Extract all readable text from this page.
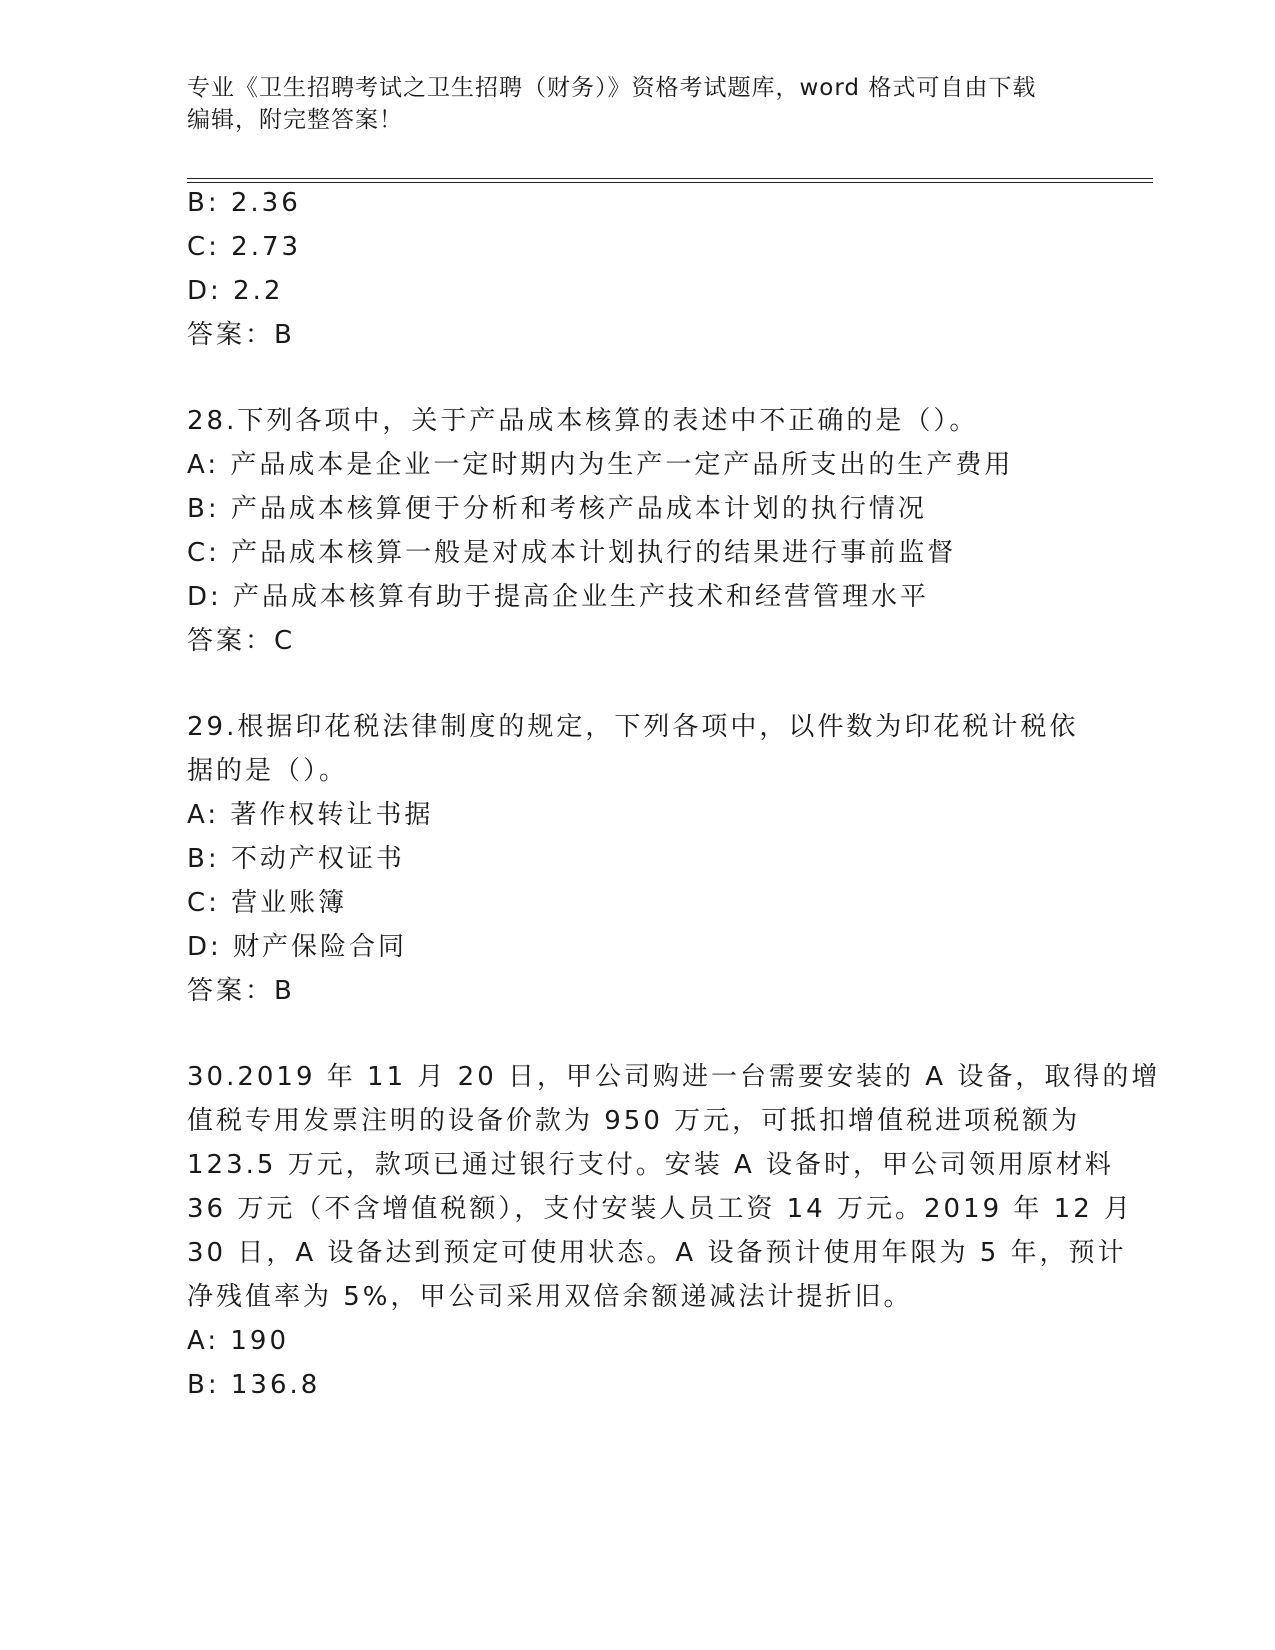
专业《卫生招聘考试之卫生招聘（财务）》资格考试题库，word 格式可自由下载
编辑，附完整答案！
B: 2.36
C: 2.73
D: 2.2
答案：B
28.下列各项中，关于产品成本核算的表述中不正确的是（）。
A: 产品成本是企业一定时期内为生产一定产品所支出的生产费用
B: 产品成本核算便于分析和考核产品成本计划的执行情况
C: 产品成本核算一般是对成本计划执行的结果进行事前监督
D: 产品成本核算有助于提高企业生产技术和经营管理水平
答案：C
29.根据印花税法律制度的规定，下列各项中，以件数为印花税计税依
据的是（）。
A: 著作权转让书据
B: 不动产权证书
C: 营业账簿
D: 财产保险合同
答案：B
30.2019 年 11 月 20 日，甲公司购进一台需要安装的 A 设备，取得的增
值税专用发票注明的设备价款为 950 万元，可抵扣增值税进项税额为
123.5 万元，款项已通过银行支付。安装 A 设备时，甲公司领用原材料
36 万元（不含增值税额），支付安装人员工资 14 万元。2019 年 12 月
30 日，A 设备达到预定可使用状态。A 设备预计使用年限为 5 年，预计
净残值率为 5%，甲公司采用双倍余额递减法计提折旧。
A: 190
B: 136.8
